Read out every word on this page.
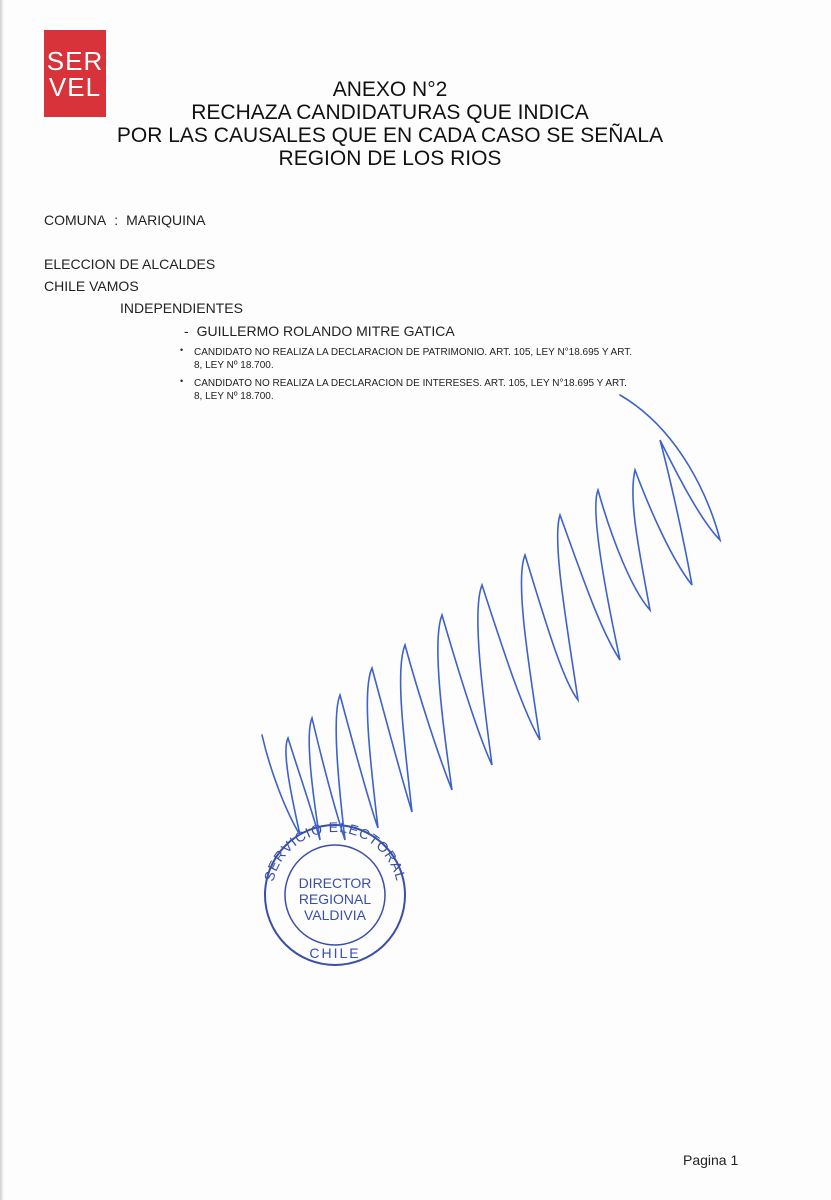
SER
VEL	ANEXO N°2
RECHAZA CANDIDATURAS QUE INDICA
POR LAS CAUSALES QUE EN CADA CASO SE SEÑALA
REGION DE LOS RIOS
COMUNA : MARIQUINA
ELECCION DE ALCALDES
CHILE VAMOS
INDEPENDIENTES
- GUILLERMO ROLANDO MITRE GATICA
• CANDIDATO NO REALIZA LA DECLARACION DE PATRIMONIO. ART. 105, LEY N°18.695 Y ART.
8, LEY Nº 18.700.
• CANDIDATO NO REALIZA LA DECLARACION DE INTERESES. ART. 105, LEY N°18.695 Y ART.
8, LEY Nº 18.700.
SERVICIO ELECTORAL
CHILE
DIRECTOR
REGIONAL
VALDIVIA
Pagina 1
